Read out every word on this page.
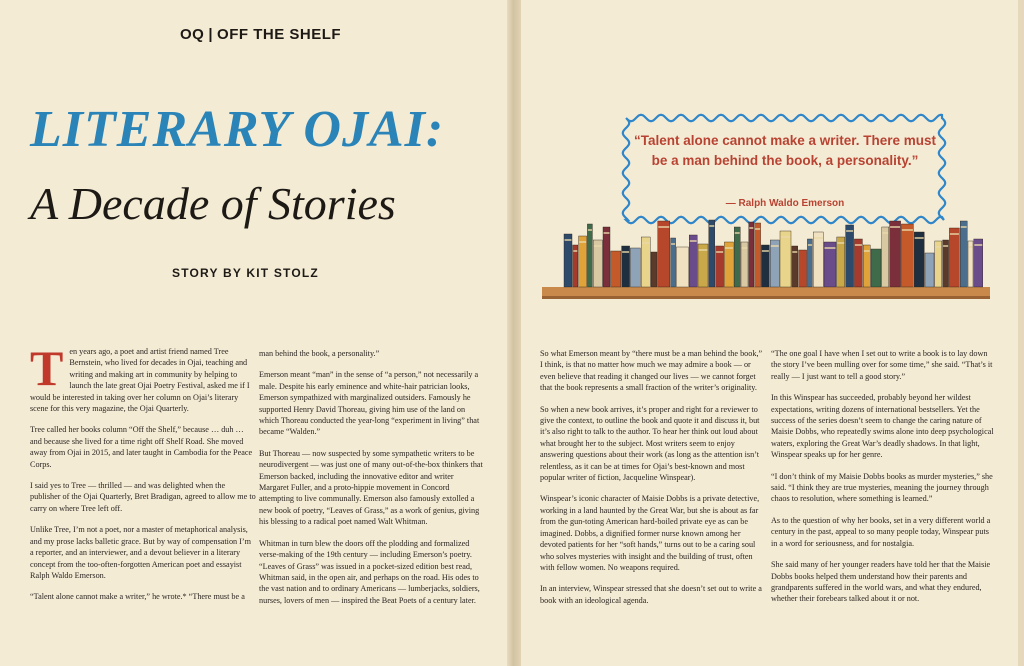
OQ | OFF THE SHELF
LITERARY OJAI:
A Decade of Stories
STORY BY KIT STOLZ
“Talent alone cannot make a writer. There must be a man behind the book, a personality.”
— Ralph Waldo Emerson

Ten years ago, a poet and artist friend named Tree Bernstein, who lived for decades in Ojai, teaching and writing and making art in community by helping to launch the late great Ojai Poetry Festival, asked me if I would be interested in taking over her column on Ojai’s literary scene for this very magazine, the Ojai Quarterly.

Tree called her books column “Off the Shelf,” because … duh … and because she lived for a time right off Shelf Road. She moved away from Ojai in 2015, and later taught in Cambodia for the Peace Corps.

I said yes to Tree — thrilled — and was delighted when the publisher of the Ojai Quarterly, Bret Bradigan, agreed to allow me to carry on where Tree left off.

Unlike Tree, I’m not a poet, nor a master of metaphorical analysis, and my prose lacks balletic grace. But by way of compensation I’m a reporter, and an interviewer, and a devout believer in a literary concept from the too-often-forgotten American poet and essayist Ralph Waldo Emerson.

“Talent alone cannot make a writer,” he wrote.* “There must be a

man behind the book, a personality.”

Emerson meant “man” in the sense of “a person,” not necessarily a male. Despite his early eminence and white-hair patrician looks, Emerson sympathized with marginalized outsiders. Famously he supported Henry David Thoreau, giving him use of the land on which Thoreau conducted the year-long “experiment in living” that became “Walden.”

But Thoreau — now suspected by some sympathetic writers to be neurodivergent — was just one of many out-of-the-box thinkers that Emerson backed, including the innovative editor and writer Margaret Fuller, and a proto-hippie movement in Concord attempting to live communally. Emerson also famously extolled a new book of poetry, “Leaves of Grass,” as a work of genius, giving his blessing to a radical poet named Walt Whitman.

Whitman in turn blew the doors off the plodding and formalized verse-making of the 19th century — including Emerson’s poetry. “Leaves of Grass” was issued in a pocket-sized edition best read, Whitman said, in the open air, and perhaps on the road. His odes to the vast nation and to ordinary Americans — lumberjacks, soldiers, nurses, lovers of men — inspired the Beat Poets of a century later.

So what Emerson meant by “there must be a man behind the book,” I think, is that no matter how much we may admire a book — or even believe that reading it changed our lives — we cannot forget that the book represents a small fraction of the writer’s originality.

So when a new book arrives, it’s proper and right for a reviewer to give the context, to outline the book and quote it and discuss it, but it’s also right to talk to the author. To hear her think out loud about what brought her to the subject. Most writers seem to enjoy answering questions about their work (as long as the attention isn’t relentless, as it can be at times for Ojai’s best-known and most popular writer of fiction, Jacqueline Winspear).

Winspear’s iconic character of Maisie Dobbs is a private detective, working in a land haunted by the Great War, but she is about as far from the gun-toting American hard-boiled private eye as can be imagined. Dobbs, a dignified former nurse known among her devoted patients for her “soft hands,” turns out to be a caring soul who solves mysteries with insight and the building of trust, often with fellow women. No weapons required.

In an interview, Winspear stressed that she doesn’t set out to write a book with an ideological agenda.

“The one goal I have when I set out to write a book is to lay down the story I’ve been mulling over for some time,” she said. “That’s it really — I just want to tell a good story.”

In this Winspear has succeeded, probably beyond her wildest expectations, writing dozens of international bestsellers. Yet the success of the series doesn’t seem to change the caring nature of Maisie Dobbs, who repeatedly swims alone into deep psychological waters, exploring the Great War’s deadly shadows. In that light, Winspear speaks up for her genre.

“I don’t think of my Maisie Dobbs books as murder mysteries,” she said. “I think they are true mysteries, meaning the journey through chaos to resolution, where something is learned.”

As to the question of why her books, set in a very different world a century in the past, appeal to so many people today, Winspear puts in a word for seriousness, and for nostalgia.

She said many of her younger readers have told her that the Maisie Dobbs books helped them understand how their parents and grandparents suffered in the world wars, and what they endured, whether their forebears talked about it or not.
